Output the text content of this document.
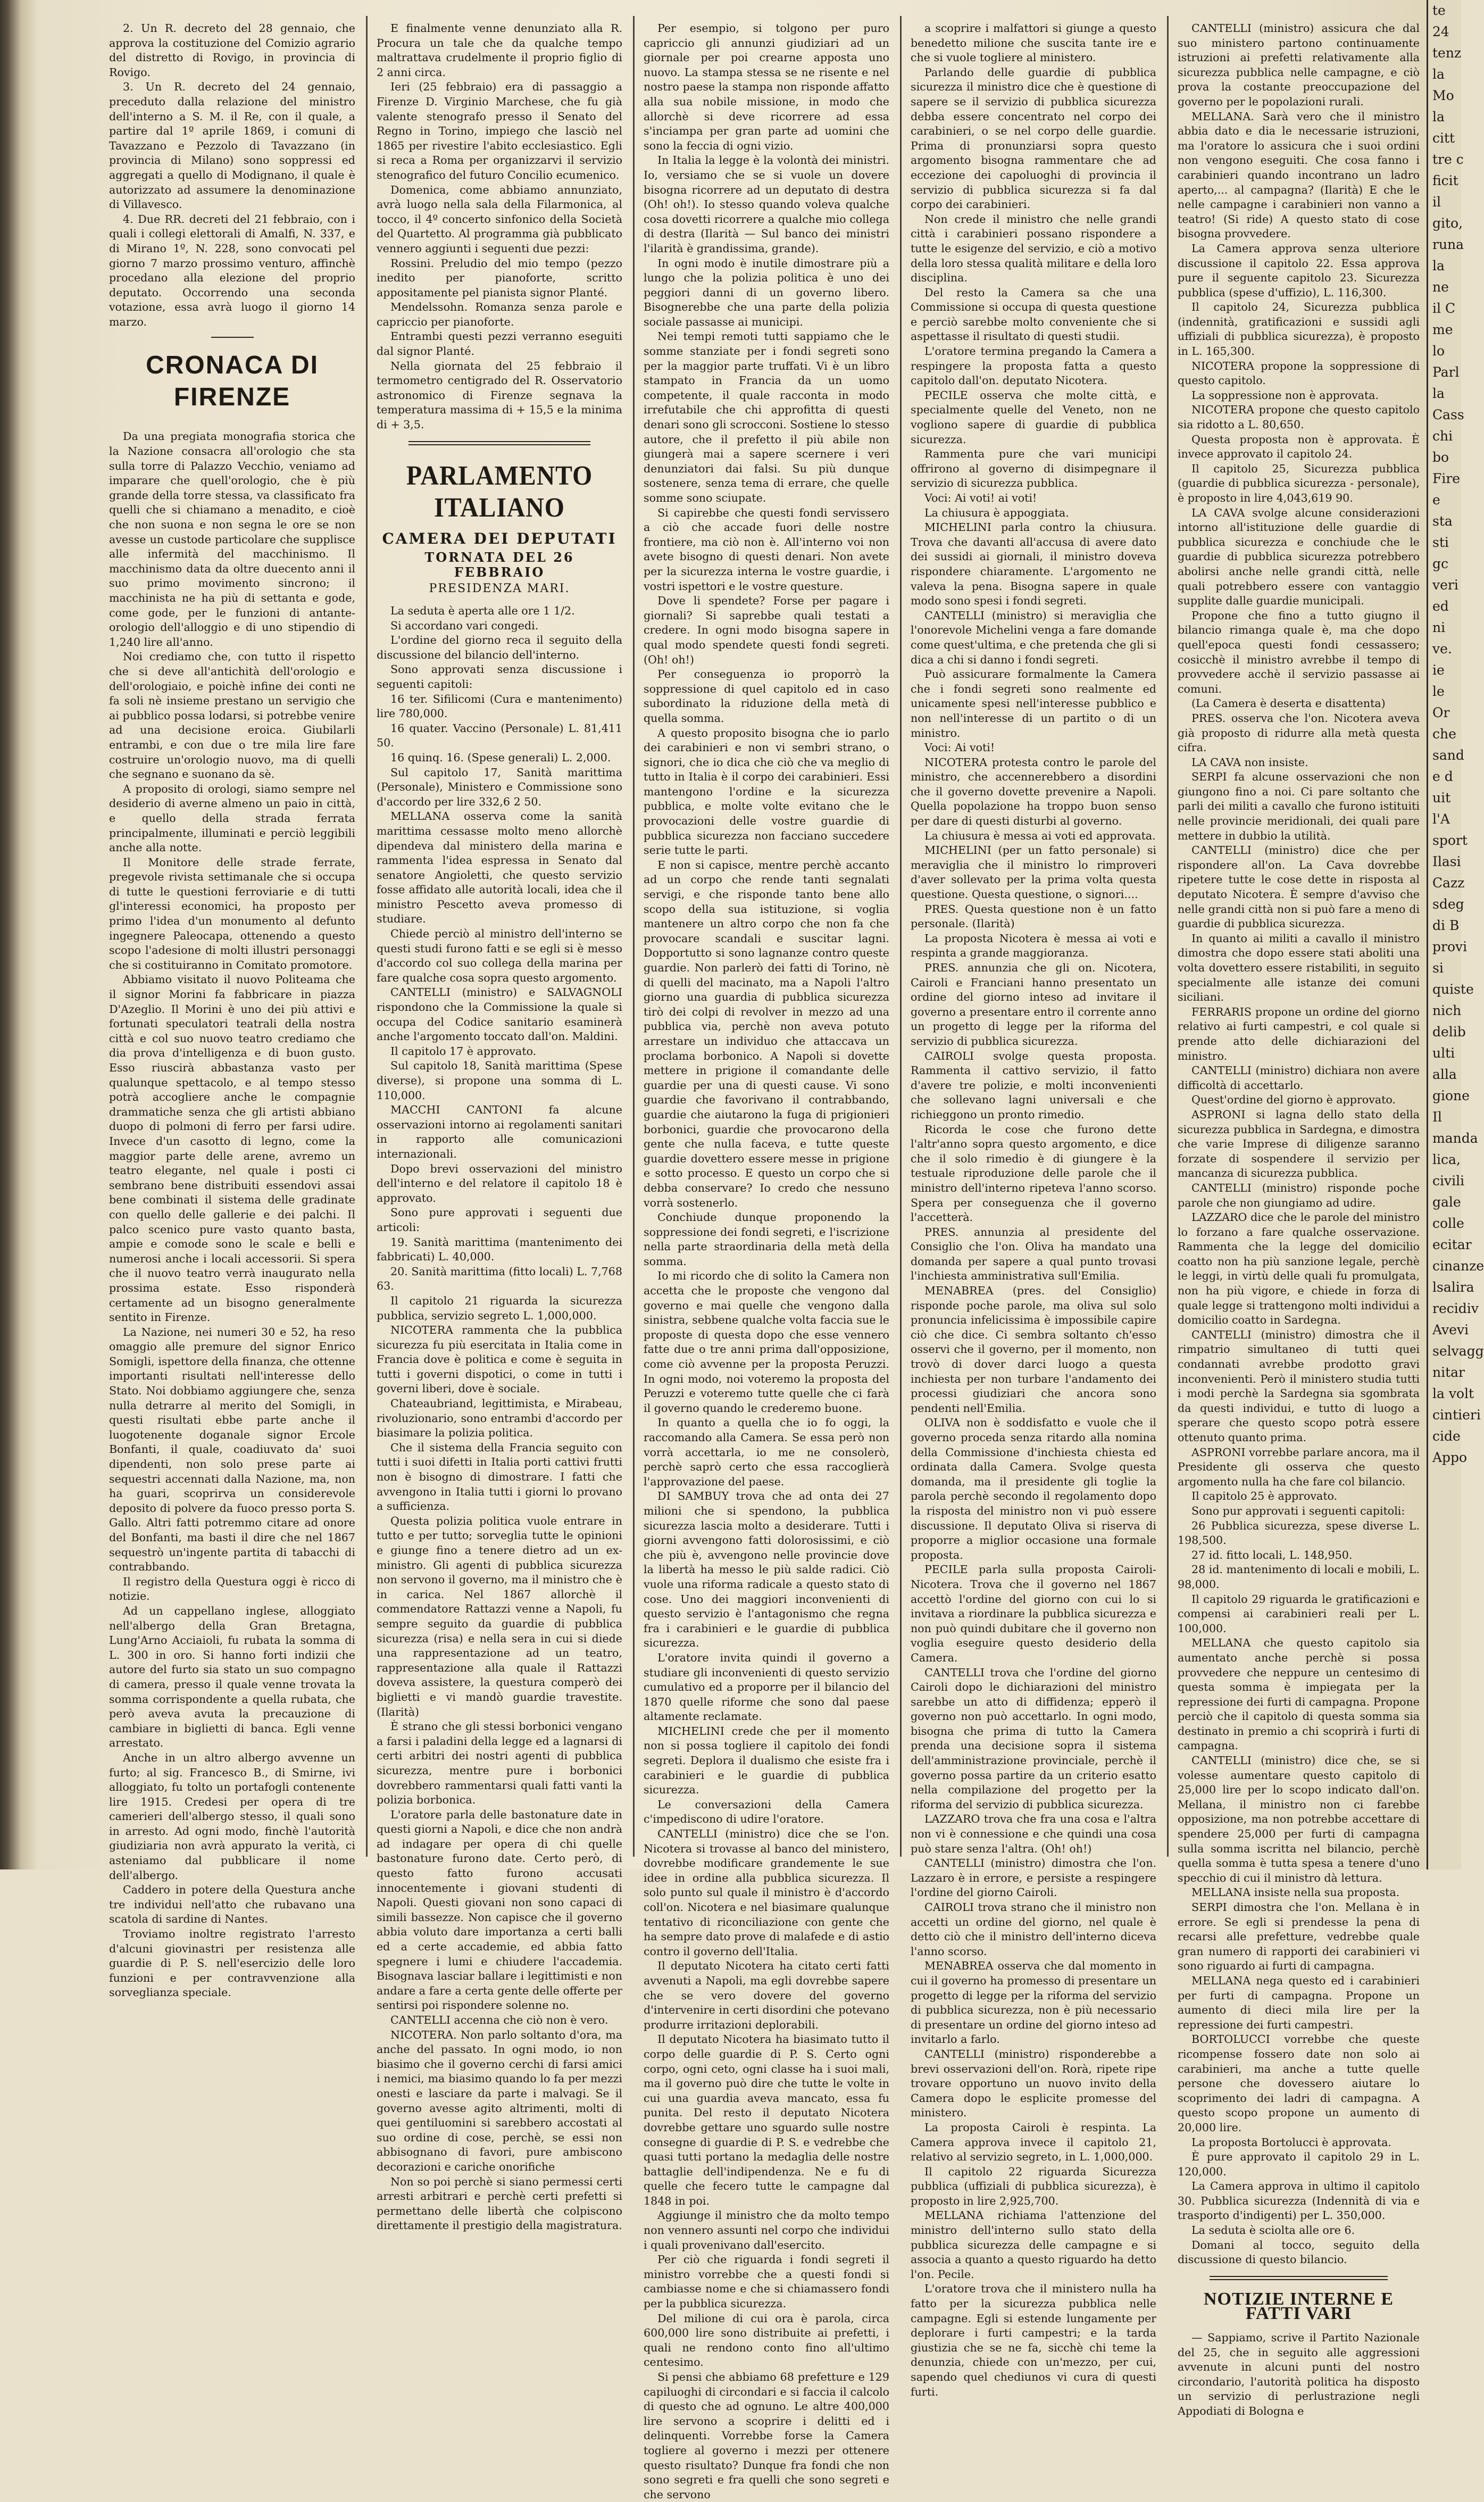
2. Un R. decreto del 28 gennaio, che approva la costituzione del Comizio agrario del distretto di Rovigo, in provincia di Rovigo.

3. Un R. decreto del 24 gennaio, preceduto dalla relazione del ministro dell'interno a S. M. il Re, con il quale, a partire dal 1º aprile 1869, i comuni di Tavazzano e Pezzolo di Tavazzano (in provincia di Milano) sono soppressi ed aggregati a quello di Modignano, il quale è autorizzato ad assumere la denominazione di Villavesco.

4. Due RR. decreti del 21 febbraio, con i quali i collegi elettorali di Amalfi, N. 337, e di Mirano 1º, N. 228, sono convocati pel giorno 7 marzo prossimo venturo, affinchè procedano alla elezione del proprio deputato. Occorrendo una seconda votazione, essa avrà luogo il giorno 14 marzo.

CRONACA DI FIRENZE

Da una pregiata monografia storica che la Nazione consacra all'orologio che sta sulla torre di Palazzo Vecchio, veniamo ad imparare che quell'orologio, che è più grande della torre stessa, va classificato fra quelli che si chiamano a menadito, e cioè che non suona e non segna le ore se non avesse un custode particolare che supplisce alle infermità del macchinismo. Il macchinismo data da oltre duecento anni il suo primo movimento sincrono; il macchinista ne ha più di settanta e gode, come gode, per le funzioni di antante-orologio dell'alloggio e di uno stipendio di 1,240 lire all'anno.

Noi crediamo che, con tutto il rispetto che si deve all'antichità dell'orologio e dell'orologiaio, e poichè infine dei conti ne fa soli nè insieme prestano un servigio che ai pubblico possa lodarsi, si potrebbe venire ad una decisione eroica. Giubilarli entrambi, e con due o tre mila lire fare costruire un'orologio nuovo, ma di quelli che segnano e suonano da sè.

A proposito di orologi, siamo sempre nel desiderio di averne almeno un paio in città, e quello della strada ferrata principalmente, illuminati e perciò leggibili anche alla notte.

Il Monitore delle strade ferrate, pregevole rivista settimanale che si occupa di tutte le questioni ferroviarie e di tutti gl'interessi economici, ha proposto per primo l'idea d'un monumento al defunto ingegnere Paleocapa, ottenendo a questo scopo l'adesione di molti illustri personaggi che si costituiranno in Comitato promotore.

Abbiamo visitato il nuovo Politeama che il signor Morini fa fabbricare in piazza D'Azeglio. Il Morini è uno dei più attivi e fortunati speculatori teatrali della nostra città e col suo nuovo teatro crediamo che dia prova d'intelligenza e di buon gusto. Esso riuscirà abbastanza vasto per qualunque spettacolo, e al tempo stesso potrà accogliere anche le compagnie drammatiche senza che gli artisti abbiano duopo di polmoni di ferro per farsi udire. Invece d'un casotto di legno, come la maggior parte delle arene, avremo un teatro elegante, nel quale i posti ci sembrano bene distribuiti essendovi assai bene combinati il sistema delle gradinate con quello delle gallerie e dei palchi. Il palco scenico pure vasto quanto basta, ampie e comode sono le scale e belli e numerosi anche i locali accessorii. Si spera che il nuovo teatro verrà inaugurato nella prossima estate. Esso risponderà certamente ad un bisogno generalmente sentito in Firenze.

La Nazione, nei numeri 30 e 52, ha reso omaggio alle premure del signor Enrico Somigli, ispettore della finanza, che ottenne importanti risultati nell'interesse dello Stato. Noi dobbiamo aggiungere che, senza nulla detrarre al merito del Somigli, in questi risultati ebbe parte anche il luogotenente doganale signor Ercole Bonfanti, il quale, coadiuvato da' suoi dipendenti, non solo prese parte ai sequestri accennati dalla Nazione, ma, non ha guari, scoprirva un considerevole deposito di polvere da fuoco presso porta S. Gallo. Altri fatti potremmo citare ad onore del Bonfanti, ma basti il dire che nel 1867 sequestrò un'ingente partita di tabacchi di contrabbando.

Il registro della Questura oggi è ricco di notizie.

Ad un cappellano inglese, alloggiato nell'albergo della Gran Bretagna, Lung'Arno Acciaioli, fu rubata la somma di L. 300 in oro. Si hanno forti indizii che autore del furto sia stato un suo compagno di camera, presso il quale venne trovata la somma corrispondente a quella rubata, che però aveva avuta la precauzione di cambiare in biglietti di banca. Egli venne arrestato.

Anche in un altro albergo avvenne un furto; al sig. Francesco B., di Smirne, ivi alloggiato, fu tolto un portafogli contenente lire 1915. Credesi per opera di tre camerieri dell'albergo stesso, il quali sono in arresto. Ad ogni modo, finchè l'autorità giudiziaria non avrà appurato la verità, ci asteniamo dal pubblicare il nome dell'albergo.

Caddero in potere della Questura anche tre individui nell'atto che rubavano una scatola di sardine di Nantes.

Troviamo inoltre registrato l'arresto d'alcuni giovinastri per resistenza alle guardie di P. S. nell'esercizio delle loro funzioni e per contravvenzione alla sorveglianza speciale.

E finalmente venne denunziato alla R. Procura un tale che da qualche tempo maltrattava crudelmente il proprio figlio di 2 anni circa.

Ieri (25 febbraio) era di passaggio a Firenze D. Virginio Marchese, che fu già valente stenografo presso il Senato del Regno in Torino, impiego che lasciò nel 1865 per rivestire l'abito ecclesiastico. Egli si reca a Roma per organizzarvi il servizio stenografico del futuro Concilio ecumenico.

Domenica, come abbiamo annunziato, avrà luogo nella sala della Filarmonica, al tocco, il 4º concerto sinfonico della Società del Quartetto. Al programma già pubblicato vennero aggiunti i seguenti due pezzi:

Rossini. Preludio del mio tempo (pezzo inedito per pianoforte, scritto appositamente pel pianista signor Planté.

Mendelssohn. Romanza senza parole e capriccio per pianoforte.

Entrambi questi pezzi verranno eseguiti dal signor Planté.

Nella giornata del 25 febbraio il termometro centigrado del R. Osservatorio astronomico di Firenze segnava la temperatura massima di + 15,5 e la minima di + 3,5.

PARLAMENTO ITALIANO
CAMERA DEI DEPUTATI
TORNATA DEL 26 FEBBRAIO
PRESIDENZA MARI.

La seduta è aperta alle ore 1 1/2.

Si accordano vari congedi.

L'ordine del giorno reca il seguito della discussione del bilancio dell'interno.

Sono approvati senza discussione i seguenti capitoli:

16 ter. Sifilicomi (Cura e mantenimento) lire 780,000.

16 quater. Vaccino (Personale) L. 81,411 50.

16 quinq. 16. (Spese generali) L. 2,000.

Sul capitolo 17, Sanità marittima (Personale), Ministero e Commissione sono d'accordo per lire 332,6 2 50.

MELLANA osserva come la sanità marittima cessasse molto meno allorchè dipendeva dal ministero della marina e rammenta l'idea espressa in Senato dal senatore Angioletti, che questo servizio fosse affidato alle autorità locali, idea che il ministro Pescetto aveva promesso di studiare.

Chiede perciò al ministro dell'interno se questi studi furono fatti e se egli si è messo d'accordo col suo collega della marina per fare qualche cosa sopra questo argomento.

CANTELLI (ministro) e SALVAGNOLI rispondono che la Commissione la quale si occupa del Codice sanitario esaminerà anche l'argomento toccato dall'on. Maldini.

Il capitolo 17 è approvato.

Sul capitolo 18, Sanità marittima (Spese diverse), si propone una somma di L. 110,000.

MACCHI CANTONI fa alcune osservazioni intorno ai regolamenti sanitari in rapporto alle comunicazioni internazionali.

Dopo brevi osservazioni del ministro dell'interno e del relatore il capitolo 18 è approvato.

Sono pure approvati i seguenti due articoli:

19. Sanità marittima (mantenimento dei fabbricati) L. 40,000.

20. Sanità marittima (fitto locali) L. 7,768 63.

Il capitolo 21 riguarda la sicurezza pubblica, servizio segreto L. 1,000,000.

NICOTERA rammenta che la pubblica sicurezza fu più esercitata in Italia come in Francia dove è politica e come è seguita in tutti i governi dispotici, o come in tutti i governi liberi, dove è sociale.

Chateaubriand, legittimista, e Mirabeau, rivoluzionario, sono entrambi d'accordo per biasimare la polizia politica.

Che il sistema della Francia seguito con tutti i suoi difetti in Italia porti cattivi frutti non è bisogno di dimostrare. I fatti che avvengono in Italia tutti i giorni lo provano a sufficienza.

Questa polizia politica vuole entrare in tutto e per tutto; sorveglia tutte le opinioni e giunge fino a tenere dietro ad un ex-ministro. Gli agenti di pubblica sicurezza non servono il governo, ma il ministro che è in carica. Nel 1867 allorchè il commendatore Rattazzi venne a Napoli, fu sempre seguito da guardie di pubblica sicurezza (risa) e nella sera in cui si diede una rappresentazione ad un teatro, rappresentazione alla quale il Rattazzi doveva assistere, la questura comperò dei biglietti e vi mandò guardie travestite. (Ilarità)

È strano che gli stessi borbonici vengano a farsi i paladini della legge ed a lagnarsi di certi arbitri dei nostri agenti di pubblica sicurezza, mentre pure i borbonici dovrebbero rammentarsi quali fatti vanti la polizia borbonica.

L'oratore parla delle bastonature date in questi giorni a Napoli, e dice che non andrà ad indagare per opera di chi quelle bastonature furono date. Certo però, di questo fatto furono accusati innocentemente i giovani studenti di Napoli. Questi giovani non sono capaci di simili bassezze. Non capisce che il governo abbia voluto dare importanza a certi balli ed a certe accademie, ed abbia fatto spegnere i lumi e chiudere l'accademia. Bisognava lasciar ballare i legittimisti e non andare a fare a certa gente delle offerte per sentirsi poi rispondere solenne no.

CANTELLI accenna che ciò non è vero.

NICOTERA. Non parlo soltanto d'ora, ma anche del passato. In ogni modo, io non biasimo che il governo cerchi di farsi amici i nemici, ma biasimo quando lo fa per mezzi onesti e lasciare da parte i malvagi. Se il governo avesse agito altrimenti, molti di quei gentiluomini si sarebbero accostati al suo ordine di cose, perchè, se essi non abbisognano di favori, pure ambiscono decorazioni e cariche onorifiche

Non so poi perchè si siano permessi certi arresti arbitrari e perchè certi prefetti si permettano delle libertà che colpiscono direttamente il prestigio della magistratura.

Per esempio, si tolgono per puro capriccio gli annunzi giudiziari ad un giornale per poi crearne apposta uno nuovo. La stampa stessa se ne risente e nel nostro paese la stampa non risponde affatto alla sua nobile missione, in modo che allorchè si deve ricorrere ad essa s'inciampa per gran parte ad uomini che sono la feccia di ogni vizio.

In Italia la legge è la volontà dei ministri. Io, versiamo che se si vuole un dovere bisogna ricorrere ad un deputato di destra (Oh! oh!). Io stesso quando voleva qualche cosa dovetti ricorrere a qualche mio collega di destra (Ilarità — Sul banco dei ministri l'ilarità è grandissima, grande).

In ogni modo è inutile dimostrare più a lungo che la polizia politica è uno dei peggiori danni di un governo libero. Bisognerebbe che una parte della polizia sociale passasse ai municipi.

Nei tempi remoti tutti sappiamo che le somme stanziate per i fondi segreti sono per la maggior parte truffati. Vi è un libro stampato in Francia da un uomo competente, il quale racconta in modo irrefutabile che chi approfitta di questi denari sono gli scrocconi. Sostiene lo stesso autore, che il prefetto il più abile non giungerà mai a sapere scernere i veri denunziatori dai falsi. Su più dunque sostenere, senza tema di errare, che quelle somme sono sciupate.

Si capirebbe che questi fondi servissero a ciò che accade fuori delle nostre frontiere, ma ciò non è. All'interno voi non avete bisogno di questi denari. Non avete per la sicurezza interna le vostre guardie, i vostri ispettori e le vostre questure.

Dove li spendete? Forse per pagare i giornali? Si saprebbe quali testati a credere. In ogni modo bisogna sapere in qual modo spendete questi fondi segreti. (Oh! oh!)

Per conseguenza io proporrò la soppressione di quel capitolo ed in caso subordinato la riduzione della metà di quella somma.

A questo proposito bisogna che io parlo dei carabinieri e non vi sembri strano, o signori, che io dica che ciò che va meglio di tutto in Italia è il corpo dei carabinieri. Essi mantengono l'ordine e la sicurezza pubblica, e molte volte evitano che le provocazioni delle vostre guardie di pubblica sicurezza non facciano succedere serie tutte le parti.

E non si capisce, mentre perchè accanto ad un corpo che rende tanti segnalati servigi, e che risponde tanto bene allo scopo della sua istituzione, si voglia mantenere un altro corpo che non fa che provocare scandali e suscitar lagni. Dopportutto si sono lagnanze contro queste guardie. Non parlerò dei fatti di Torino, nè di quelli del macinato, ma a Napoli l'altro giorno una guardia di pubblica sicurezza tirò dei colpi di revolver in mezzo ad una pubblica via, perchè non aveva potuto arrestare un individuo che attaccava un proclama borbonico. A Napoli si dovette mettere in prigione il comandante delle guardie per una di questi cause. Vi sono guardie che favorivano il contrabbando, guardie che aiutarono la fuga di prigionieri borbonici, guardie che provocarono della gente che nulla faceva, e tutte queste guardie dovettero essere messe in prigione e sotto processo. E questo un corpo che si debba conservare? Io credo che nessuno vorrà sostenerlo.

Conchiude dunque proponendo la soppressione dei fondi segreti, e l'iscrizione nella parte straordinaria della metà della somma.

Io mi ricordo che di solito la Camera non accetta che le proposte che vengono dal governo e mai quelle che vengono dalla sinistra, sebbene qualche volta faccia sue le proposte di questa dopo che esse vennero fatte due o tre anni prima dall'opposizione, come ciò avvenne per la proposta Peruzzi. In ogni modo, noi voteremo la proposta del Peruzzi e voteremo tutte quelle che ci farà il governo quando le crederemo buone.

In quanto a quella che io fo oggi, la raccomando alla Camera. Se essa però non vorrà accettarla, io me ne consolerò, perchè saprò certo che essa raccoglierà l'approvazione del paese.

DI SAMBUY trova che ad onta dei 27 milioni che si spendono, la pubblica sicurezza lascia molto a desiderare. Tutti i giorni avvengono fatti dolorosissimi, e ciò che più è, avvengono nelle provincie dove la libertà ha messo le più salde radici. Ciò vuole una riforma radicale a questo stato di cose. Uno dei maggiori inconvenienti di questo servizio è l'antagonismo che regna fra i carabinieri e le guardie di pubblica sicurezza.

L'oratore invita quindi il governo a studiare gli inconvenienti di questo servizio cumulativo ed a proporre per il bilancio del 1870 quelle riforme che sono dal paese altamente reclamate.

MICHELINI crede che per il momento non si possa togliere il capitolo dei fondi segreti. Deplora il dualismo che esiste fra i carabinieri e le guardie di pubblica sicurezza.

Le conversazioni della Camera c'impediscono di udire l'oratore.

CANTELLI (ministro) dice che se l'on. Nicotera si trovasse al banco del ministero, dovrebbe modificare grandemente le sue idee in ordine alla pubblica sicurezza. Il solo punto sul quale il ministro è d'accordo coll'on. Nicotera e nel biasimare qualunque tentativo di riconciliazione con gente che ha sempre dato prove di malafede e di astio contro il governo dell'Italia.

Il deputato Nicotera ha citato certi fatti avvenuti a Napoli, ma egli dovrebbe sapere che se vero dovere del governo d'intervenire in certi disordini che potevano produrre irritazioni deplorabili.

Il deputato Nicotera ha biasimato tutto il corpo delle guardie di P. S. Certo ogni corpo, ogni ceto, ogni classe ha i suoi mali, ma il governo può dire che tutte le volte in cui una guardia aveva mancato, essa fu punita. Del resto il deputato Nicotera dovrebbe gettare uno sguardo sulle nostre consegne di guardie di P. S. e vedrebbe che quasi tutti portano la medaglia delle nostre battaglie dell'indipendenza. Ne e fu di quelle che fecero tutte le campagne dal 1848 in poi.

Aggiunge il ministro che da molto tempo non vennero assunti nel corpo che individui i quali provenivano dall'esercito.

Per ciò che riguarda i fondi segreti il ministro vorrebbe che a questi fondi si cambiasse nome e che si chiamassero fondi per la pubblica sicurezza.

Del milione di cui ora è parola, circa 600,000 lire sono distribuite ai prefetti, i quali ne rendono conto fino all'ultimo centesimo.

Si pensi che abbiamo 68 prefetture e 129 capiluoghi di circondari e si faccia il calcolo di questo che ad ognuno. Le altre 400,000 lire servono a scoprire i delitti ed i delinquenti. Vorrebbe forse la Camera togliere al governo i mezzi per ottenere questo risultato? Dunque fra fondi che non sono segreti e fra quelli che sono segreti e che servono

a scoprire i malfattori si giunge a questo benedetto milione che suscita tante ire e che si vuole togliere al ministero.

Parlando delle guardie di pubblica sicurezza il ministro dice che è questione di sapere se il servizio di pubblica sicurezza debba essere concentrato nel corpo dei carabinieri, o se nel corpo delle guardie. Prima di pronunziarsi sopra questo argomento bisogna rammentare che ad eccezione dei capoluoghi di provincia il servizio di pubblica sicurezza si fa dal corpo dei carabinieri.

Non crede il ministro che nelle grandi città i carabinieri possano rispondere a tutte le esigenze del servizio, e ciò a motivo della loro stessa qualità militare e della loro disciplina.

Del resto la Camera sa che una Commissione si occupa di questa questione e perciò sarebbe molto conveniente che si aspettasse il risultato di questi studii.

L'oratore termina pregando la Camera a respingere la proposta fatta a questo capitolo dall'on. deputato Nicotera.

PECILE osserva che molte città, e specialmente quelle del Veneto, non ne vogliono sapere di guardie di pubblica sicurezza.

Rammenta pure che vari municipi offrirono al governo di disimpegnare il servizio di sicurezza pubblica.

Voci: Ai voti! ai voti!

La chiusura è appoggiata.

MICHELINI parla contro la chiusura. Trova che davanti all'accusa di avere dato dei sussidi ai giornali, il ministro doveva rispondere chiaramente. L'argomento ne valeva la pena. Bisogna sapere in quale modo sono spesi i fondi segreti.

CANTELLI (ministro) si meraviglia che l'onorevole Michelini venga a fare domande come quest'ultima, e che pretenda che gli si dica a chi si danno i fondi segreti.

Può assicurare formalmente la Camera che i fondi segreti sono realmente ed unicamente spesi nell'interesse pubblico e non nell'interesse di un partito o di un ministro.

Voci: Ai voti!

NICOTERA protesta contro le parole del ministro, che accennerebbero a disordini che il governo dovette prevenire a Napoli. Quella popolazione ha troppo buon senso per dare di questi disturbi al governo.

La chiusura è messa ai voti ed approvata.

MICHELINI (per un fatto personale) si meraviglia che il ministro lo rimproveri d'aver sollevato per la prima volta questa questione. Questa questione, o signori....

PRES. Questa questione non è un fatto personale. (Ilarità)

La proposta Nicotera è messa ai voti e respinta a grande maggioranza.

PRES. annunzia che gli on. Nicotera, Cairoli e Franciani hanno presentato un ordine del giorno inteso ad invitare il governo a presentare entro il corrente anno un progetto di legge per la riforma del servizio di pubblica sicurezza.

CAIROLI svolge questa proposta. Rammenta il cattivo servizio, il fatto d'avere tre polizie, e molti inconvenienti che sollevano lagni universali e che richieggono un pronto rimedio.

Ricorda le cose che furono dette l'altr'anno sopra questo argomento, e dice che il solo rimedio è di giungere è la testuale riproduzione delle parole che il ministro dell'interno ripeteva l'anno scorso. Spera per conseguenza che il governo l'accetterà.

PRES. annunzia al presidente del Consiglio che l'on. Oliva ha mandato una domanda per sapere a qual punto trovasi l'inchiesta amministrativa sull'Emilia.

MENABREA (pres. del Consiglio) risponde poche parole, ma oliva sul solo pronuncia infelicissima è impossibile capire ciò che dice. Ci sembra soltanto ch'esso osservi che il governo, per il momento, non trovò di dover darci luogo a questa inchiesta per non turbare l'andamento dei processi giudiziari che ancora sono pendenti nell'Emilia.

OLIVA non è soddisfatto e vuole che il governo proceda senza ritardo alla nomina della Commissione d'inchiesta chiesta ed ordinata dalla Camera. Svolge questa domanda, ma il presidente gli toglie la parola perchè secondo il regolamento dopo la risposta del ministro non vi può essere discussione. Il deputato Oliva si riserva di proporre a miglior occasione una formale proposta.

PECILE parla sulla proposta Cairoli-Nicotera. Trova che il governo nel 1867 accettò l'ordine del giorno con cui lo si invitava a riordinare la pubblica sicurezza e non può quindi dubitare che il governo non voglia eseguire questo desiderio della Camera.

CANTELLI trova che l'ordine del giorno Cairoli dopo le dichiarazioni del ministro sarebbe un atto di diffidenza; epperò il governo non può accettarlo. In ogni modo, bisogna che prima di tutto la Camera prenda una decisione sopra il sistema dell'amministrazione provinciale, perchè il governo possa partire da un criterio esatto nella compilazione del progetto per la riforma del servizio di pubblica sicurezza.

LAZZARO trova che fra una cosa e l'altra non vi è connessione e che quindi una cosa può stare senza l'altra. (Oh! oh!)

CANTELLI (ministro) dimostra che l'on. Lazzaro è in errore, e persiste a respingere l'ordine del giorno Cairoli.

CAIROLI trova strano che il ministro non accetti un ordine del giorno, nel quale è detto ciò che il ministro dell'interno diceva l'anno scorso.

MENABREA osserva che dal momento in cui il governo ha promesso di presentare un progetto di legge per la riforma del servizio di pubblica sicurezza, non è più necessario di presentare un ordine del giorno inteso ad invitarlo a farlo.

CANTELLI (ministro) risponderebbe a brevi osservazioni dell'on. Rorà, ripete ripe trovare opportuno un nuovo invito della Camera dopo le esplicite promesse del ministero.

La proposta Cairoli è respinta. La Camera approva invece il capitolo 21, relativo al servizio segreto, in L. 1,000,000.

Il capitolo 22 riguarda Sicurezza pubblica (uffiziali di pubblica sicurezza), è proposto in lire 2,925,700.

MELLANA richiama l'attenzione del ministro dell'interno sullo stato della pubblica sicurezza delle campagne e si associa a quanto a questo riguardo ha detto l'on. Pecile.

L'oratore trova che il ministero nulla ha fatto per la sicurezza pubblica nelle campagne. Egli si estende lungamente per deplorare i furti campestri; e la tarda giustizia che se ne fa, sicchè chi teme la denunzia, chiede con un'mezzo, per cui, sapendo quel chediunos vi cura di questi furti.

CANTELLI (ministro) assicura che dal suo ministero partono continuamente istruzioni ai prefetti relativamente alla sicurezza pubblica nelle campagne, e ciò prova la costante preoccupazione del governo per le popolazioni rurali.

MELLANA. Sarà vero che il ministro abbia dato e dia le necessarie istruzioni, ma l'oratore lo assicura che i suoi ordini non vengono eseguiti. Che cosa fanno i carabinieri quando incontrano un ladro aperto,... al campagna? (Ilarità) E che le nelle campagne i carabinieri non vanno a teatro! (Si ride) A questo stato di cose bisogna provvedere.

La Camera approva senza ulteriore discussione il capitolo 22. Essa approva pure il seguente capitolo 23. Sicurezza pubblica (spese d'uffizio), L. 116,300.

Il capitolo 24, Sicurezza pubblica (indennità, gratificazioni e sussidi agli uffiziali di pubblica sicurezza), è proposto in L. 165,300.

NICOTERA propone la soppressione di questo capitolo.

La soppressione non è approvata.

NICOTERA propone che questo capitolo sia ridotto a L. 80,650.

Questa proposta non è approvata. È invece approvato il capitolo 24.

Il capitolo 25, Sicurezza pubblica (guardie di pubblica sicurezza - personale), è proposto in lire 4,043,619 90.

LA CAVA svolge alcune considerazioni intorno all'istituzione delle guardie di pubblica sicurezza e conchiude che le guardie di pubblica sicurezza potrebbero abolirsi anche nelle grandi città, nelle quali potrebbero essere con vantaggio supplite dalle guardie municipali.

Propone che fino a tutto giugno il bilancio rimanga quale è, ma che dopo quell'epoca questi fondi cessassero; cosicchè il ministro avrebbe il tempo di provvedere acchè il servizio passasse ai comuni.

(La Camera è deserta e disattenta)

PRES. osserva che l'on. Nicotera aveva già proposto di ridurre alla metà questa cifra.

LA CAVA non insiste.

SERPI fa alcune osservazioni che non giungono fino a noi. Ci pare soltanto che parli dei militi a cavallo che furono istituiti nelle provincie meridionali, dei quali pare mettere in dubbio la utilità.

CANTELLI (ministro) dice che per rispondere all'on. La Cava dovrebbe ripetere tutte le cose dette in risposta al deputato Nicotera. È sempre d'avviso che nelle grandi città non si può fare a meno di guardie di pubblica sicurezza.

In quanto ai militi a cavallo il ministro dimostra che dopo essere stati aboliti una volta dovettero essere ristabiliti, in seguito specialmente alle istanze dei comuni siciliani.

FERRARIS propone un ordine del giorno relativo ai furti campestri, e col quale si prende atto delle dichiarazioni del ministro.

CANTELLI (ministro) dichiara non avere difficoltà di accettarlo.

Quest'ordine del giorno è approvato.

ASPRONI si lagna dello stato della sicurezza pubblica in Sardegna, e dimostra che varie Imprese di diligenze saranno forzate di sospendere il servizio per mancanza di sicurezza pubblica.

CANTELLI (ministro) risponde poche parole che non giungiamo ad udire.

LAZZARO dice che le parole del ministro lo forzano a fare qualche osservazione. Rammenta che la legge del domicilio coatto non ha più sanzione legale, perchè le leggi, in virtù delle quali fu promulgata, non ha più vigore, e chiede in forza di quale legge si trattengono molti individui a domicilio coatto in Sardegna.

CANTELLI (ministro) dimostra che il rimpatrio simultaneo di tutti quei condannati avrebbe prodotto gravi inconvenienti. Però il ministero studia tutti i modi perchè la Sardegna sia sgombrata da questi individui, e tutto di luogo a sperare che questo scopo potrà essere ottenuto quanto prima.

ASPRONI vorrebbe parlare ancora, ma il Presidente gli osserva che questo argomento nulla ha che fare col bilancio.

Il capitolo 25 è approvato.

Sono pur approvati i seguenti capitoli:

26 Pubblica sicurezza, spese diverse L. 198,500.

27 id. fitto locali, L. 148,950.

28 id. mantenimento di locali e mobili, L. 98,000.

Il capitolo 29 riguarda le gratificazioni e compensi ai carabinieri reali per L. 100,000.

MELLANA che questo capitolo sia aumentato anche perchè si possa provvedere che neppure un centesimo di questa somma è impiegata per la repressione dei furti di campagna. Propone perciò che il capitolo di questa somma sia destinato in premio a chi scoprirà i furti di campagna.

CANTELLI (ministro) dice che, se si volesse aumentare questo capitolo di 25,000 lire per lo scopo indicato dall'on. Mellana, il ministro non ci farebbe opposizione, ma non potrebbe accettare di spendere 25,000 per furti di campagna sulla somma iscritta nel bilancio, perchè quella somma è tutta spesa a tenere d'uno specchio di cui il ministro dà lettura.

MELLANA insiste nella sua proposta.

SERPI dimostra che l'on. Mellana è in errore. Se egli si prendesse la pena di recarsi alle prefetture, vedrebbe quale gran numero di rapporti dei carabinieri vi sono riguardo ai furti di campagna.

MELLANA nega questo ed i carabinieri per furti di campagna. Propone un aumento di dieci mila lire per la repressione dei furti campestri.

BORTOLUCCI vorrebbe che queste ricompense fossero date non solo ai carabinieri, ma anche a tutte quelle persone che dovessero aiutare lo scoprimento dei ladri di campagna. A questo scopo propone un aumento di 20,000 lire.

La proposta Bortolucci è approvata.

È pure approvato il capitolo 29 in L. 120,000.

La Camera approva in ultimo il capitolo 30. Pubblica sicurezza (Indennità di via e trasporto d'indigenti) per L. 350,000.

La seduta è sciolta alle ore 6.

Domani al tocco, seguito della discussione di questo bilancio.

NOTIZIE INTERNE E FATTI VARI

— Sappiamo, scrive il Partito Nazionale del 25, che in seguito alle aggressioni avvenute in alcuni punti del nostro circondario, l'autorità politica ha disposto un servizio di perlustrazione negli Appodiati di Bologna e

te
24
tenz
la
Mo
la
citt
tre c
ficit
il
gito,
runa
la
ne
il C
me
lo
Parl
la
Cass
chi
bo
Fire
e
sta
sti
gc
veri
ed
ni
ve.
ie
le
Or
che
sand
e d
uit
l'A
sport
Ilasi
Cazz
sdeg
di B
provi
si
quiste
nich
delib
ulti
alla
gione
Il
manda
lica,
civili
gale
colle
ecitar
cinanze
lsalira
recidiv
Avevi
selvagg
nitar
la volt
cintieri
cide
Appo
